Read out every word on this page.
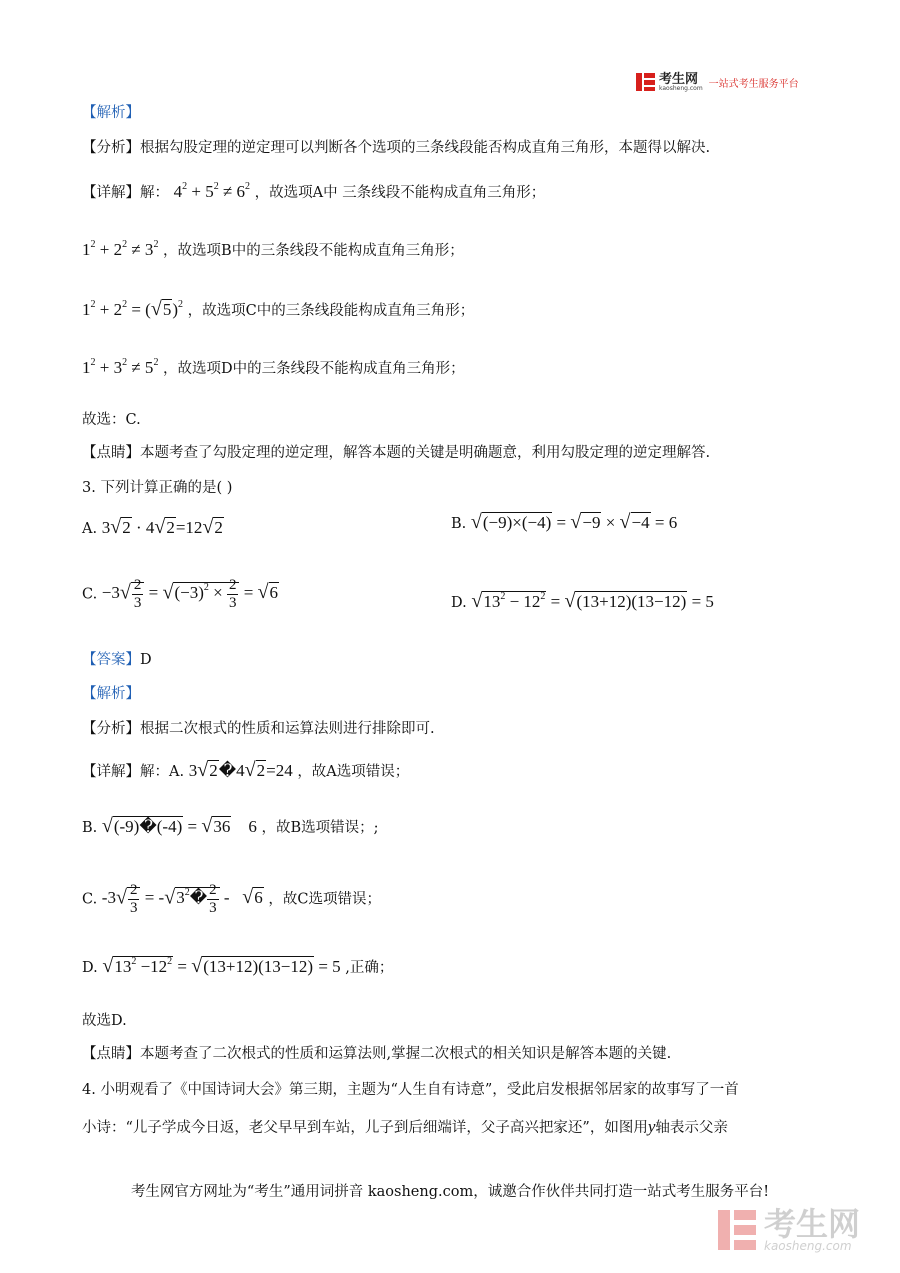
考生网
kaosheng.com 一站式考生服务平台
【解析】
【分析】根据勾股定理的逆定理可以判断各个选项的三条线段能否构成直角三角形，本题得以解决.
【详解】解： $4^2 + 5^2 \ne 6^2$ ，故选项A中 三条线段不能构成直角三角形；
$1^2 + 2^2 \ne 3^2$ ，故选项B中的三条线段不能构成直角三角形；
$1^2 + 2^2 = (√5)^2$ ，故选项C中的三条线段能构成直角三角形；
$1^2 + 3^2 \ne 5^2$ ，故选项D中的三条线段不能构成直角三角形；
故选：C.
【点睛】本题考查了勾股定理的逆定理，解答本题的关键是明确题意，利用勾股定理的逆定理解答.
3. 下列计算正确的是( )
A. 3√2 · 4√2=12√2	B. √(−9)×(−4) = √−9 × √−4 = 6
C. $-3√ \frac{2}{3} = √(-3)^2 \times \frac{2}{3} = √6$
D. $√13^2 - 12^2 = √(13+12)(13-12) = 5$
【答案】D
【解析】
【分析】根据二次根式的性质和运算法则进行排除即可.
【详解】解：A. 3√2�4√2=24 ，故A选项错误；
B. √(-9)�(-4) = √36    6 ，故B选项错误；;
C. $-3√ \frac{2}{3}$ = $-√3^2� \frac{2}{3} - √6$ ，故C选项错误；
D. $√13^2 -12^2 = √(13+12)(13-12) = 5$ ,正确；
故选D.
【点睛】本题考查了二次根式的性质和运算法则,掌握二次根式的相关知识是解答本题的关键.
4. 小明观看了《中国诗词大会》第三期，主题为“人生自有诗意”，受此启发根据邻居家的故事写了一首
小诗：“儿子学成今日返，老父早早到车站，儿子到后细端详，父子高兴把家还”，如图用y轴表示父亲
考生网官方网址为“考生”通用词拼音 kaosheng.com，诚邀合作伙伴共同打造一站式考生服务平台!
考生网
kaosheng.com
